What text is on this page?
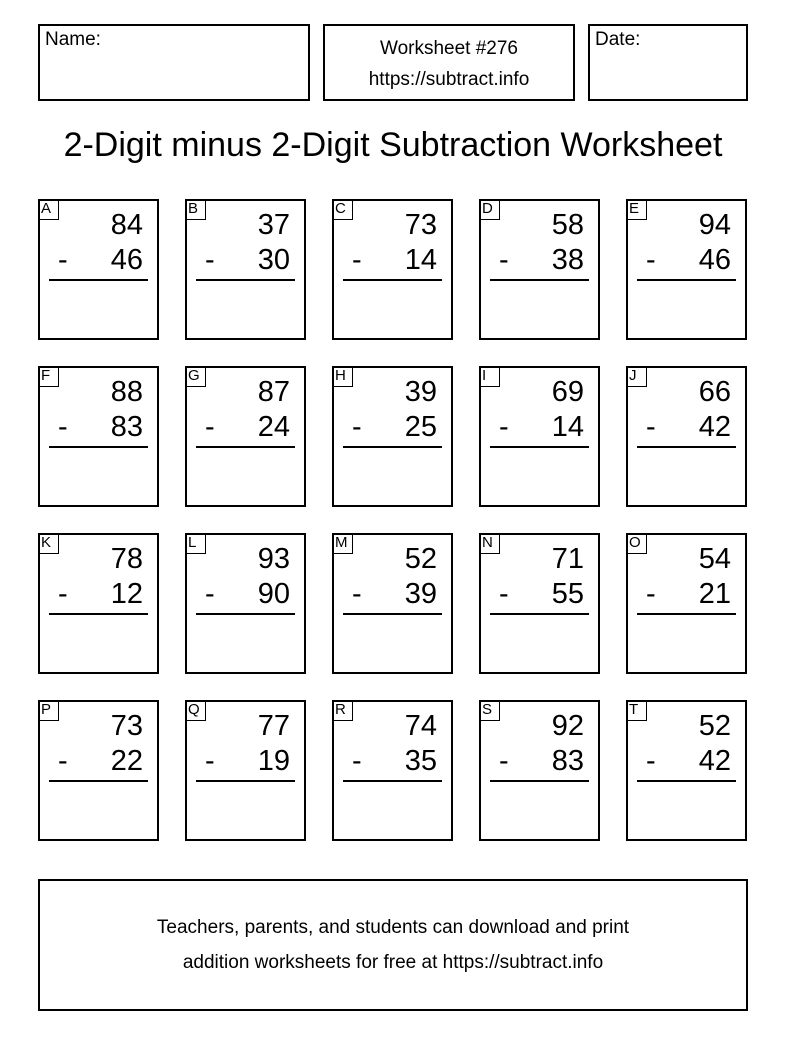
Name:	Worksheet #276
https://subtract.info
Date:
2-Digit minus 2-Digit Subtraction Worksheet
A
84
- 46
B
37
- 30
C
73
- 14
D
58
- 38
E
94
- 46
F
88
- 83
G
87
- 24
H
39
- 25
I
69
- 14
J
66
- 42
K
78
- 12
L
93
- 90
M
52
- 39
N
71
- 55
O
54
- 21
P
73
- 22
Q
77
- 19
R
74
- 35
S
92
- 83
T
52
- 42
Teachers, parents, and students can download and print
addition worksheets for free at https://subtract.info
